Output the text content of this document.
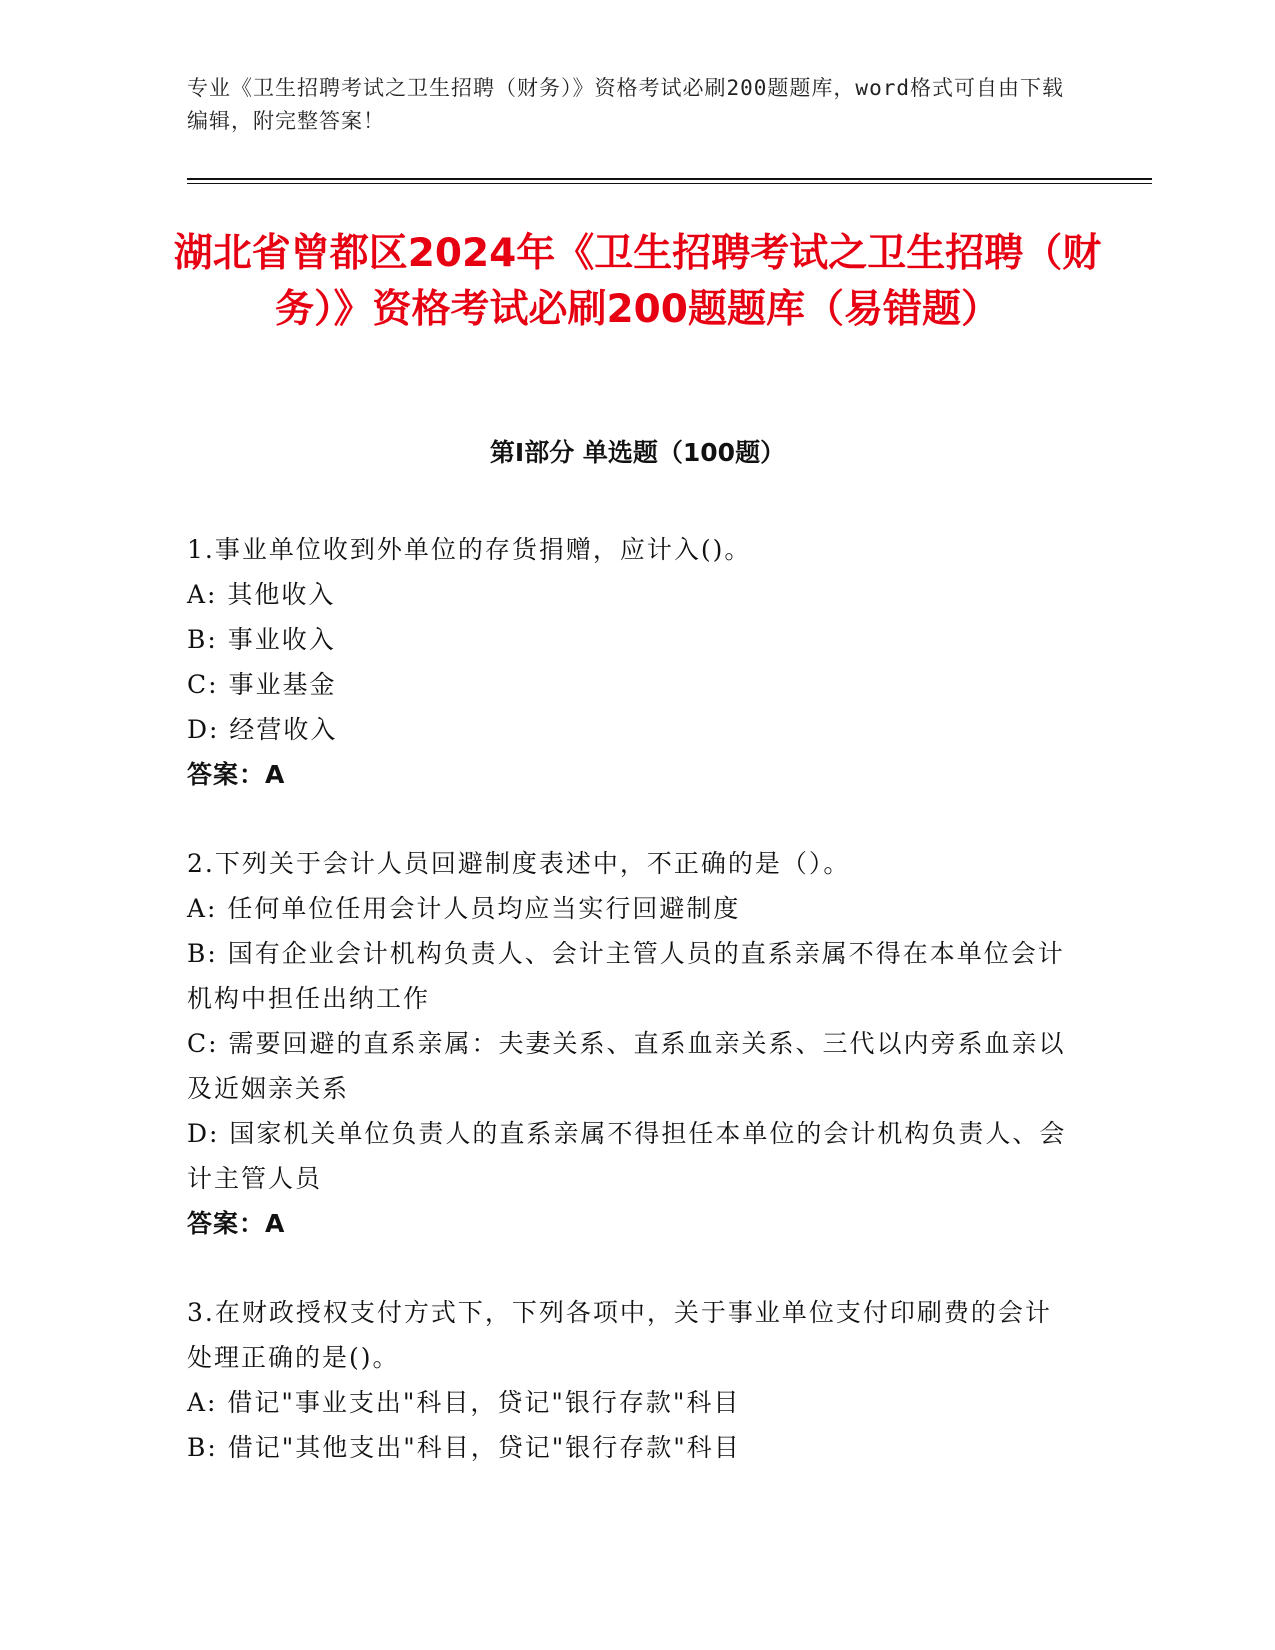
专业《卫生招聘考试之卫生招聘（财务）》资格考试必刷200题题库，word格式可自由下载编辑，附完整答案！
湖北省曾都区2024年《卫生招聘考试之卫生招聘（财务）》资格考试必刷200题题库（易错题）
第Ⅰ部分 单选题（100题）
1.事业单位收到外单位的存货捐赠，应计入()。
A: 其他收入
B: 事业收入
C: 事业基金
D: 经营收入
答案：A
2.下列关于会计人员回避制度表述中，不正确的是（）。
A: 任何单位任用会计人员均应当实行回避制度
B: 国有企业会计机构负责人、会计主管人员的直系亲属不得在本单位会计机构中担任出纳工作
C: 需要回避的直系亲属：夫妻关系、直系血亲关系、三代以内旁系血亲以及近姻亲关系
D: 国家机关单位负责人的直系亲属不得担任本单位的会计机构负责人、会计主管人员
答案：A
3.在财政授权支付方式下，下列各项中，关于事业单位支付印刷费的会计处理正确的是()。
A: 借记"事业支出"科目，贷记"银行存款"科目
B: 借记"其他支出"科目，贷记"银行存款"科目
